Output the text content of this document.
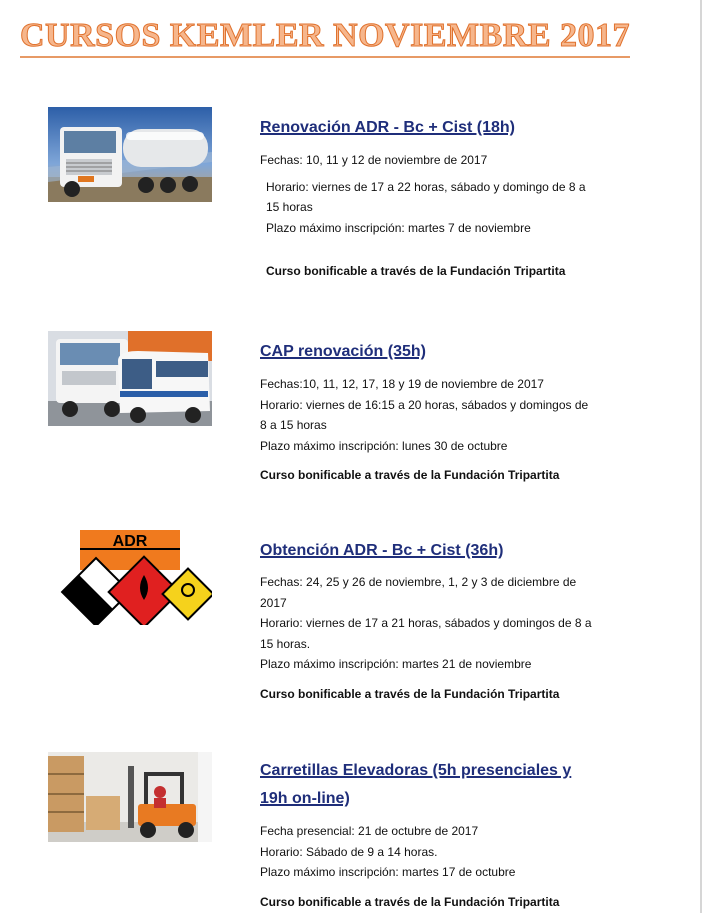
CURSOS KEMLER NOVIEMBRE 2017
Renovación ADR - Bc + Cist (18h)
Fechas: 10, 11 y 12 de noviembre de 2017
Horario: viernes de 17 a 22 horas, sábado y domingo de 8 a 15 horas
Plazo máximo inscripción: martes 7 de noviembre
Curso bonificable a través de la Fundación Tripartita
CAP renovación (35h)
Fechas:10, 11, 12, 17, 18 y 19 de noviembre de 2017
Horario: viernes de 16:15 a 20 horas, sábados y domingos de 8 a 15 horas
Plazo máximo inscripción: lunes 30 de octubre
Curso bonificable a través de la Fundación Tripartita
ADR
Obtención ADR - Bc + Cist (36h)
Fechas: 24, 25 y 26 de noviembre, 1, 2 y 3 de diciembre de 2017
Horario: viernes de 17 a 21 horas, sábados y domingos de 8 a 15 horas.
Plazo máximo inscripción: martes 21 de noviembre
Curso bonificable a través de la Fundación Tripartita
Carretillas Elevadoras (5h presenciales y 19h on-line)
Fecha presencial: 21 de octubre de 2017
Horario: Sábado de 9 a 14 horas.
Plazo máximo inscripción: martes 17 de octubre
Curso bonificable a través de la Fundación Tripartita
